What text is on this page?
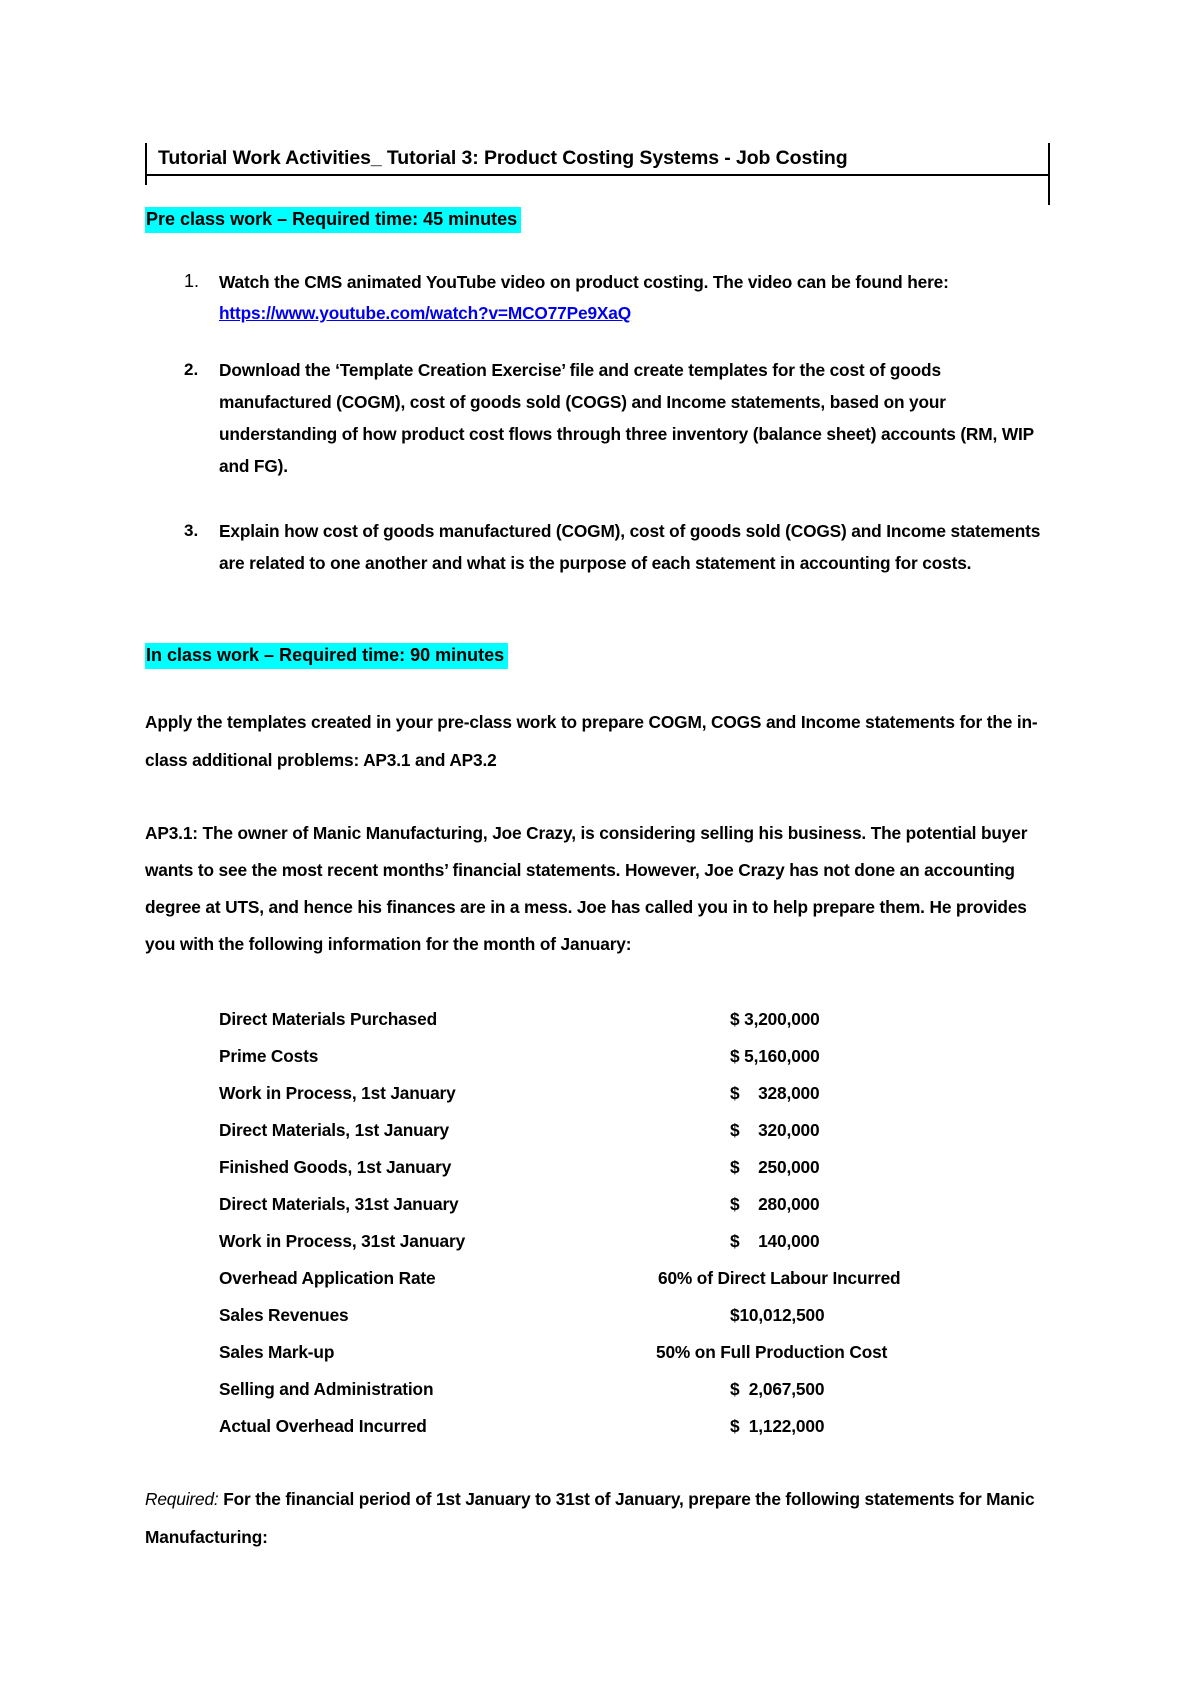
Tutorial Work Activities_ Tutorial 3: Product Costing Systems - Job Costing
Pre class work – Required time: 45 minutes
1. Watch the CMS animated YouTube video on product costing. The video can be found here:
https://www.youtube.com/watch?v=MCO77Pe9XaQ
2. Download the ‘Template Creation Exercise’ file and create templates for the cost of goods
manufactured (COGM), cost of goods sold (COGS) and Income statements, based on your
understanding of how product cost flows through three inventory (balance sheet) accounts (RM, WIP
and FG).
3. Explain how cost of goods manufactured (COGM), cost of goods sold (COGS) and Income statements
are related to one another and what is the purpose of each statement in accounting for costs.
In class work – Required time: 90 minutes
Apply the templates created in your pre-class work to prepare COGM, COGS and Income statements for the in-
class additional problems: AP3.1 and AP3.2
AP3.1: The owner of Manic Manufacturing, Joe Crazy, is considering selling his business. The potential buyer
wants to see the most recent months’ financial statements. However, Joe Crazy has not done an accounting
degree at UTS, and hence his finances are in a mess. Joe has called you in to help prepare them. He provides
you with the following information for the month of January:
Direct Materials Purchased	$ 3,200,000
Prime Costs	$ 5,160,000
Work in Process, 1st January	$    328,000
Direct Materials, 1st January	$    320,000
Finished Goods, 1st January	$    250,000
Direct Materials, 31st January	$    280,000
Work in Process, 31st January	$    140,000
Overhead Application Rate	60% of Direct Labour Incurred
Sales Revenues	$10,012,500
Sales Mark-up	50% on Full Production Cost
Selling and Administration	$  2,067,500
Actual Overhead Incurred	$  1,122,000
Required: For the financial period of 1st January to 31st of January, prepare the following statements for Manic
Manufacturing:
